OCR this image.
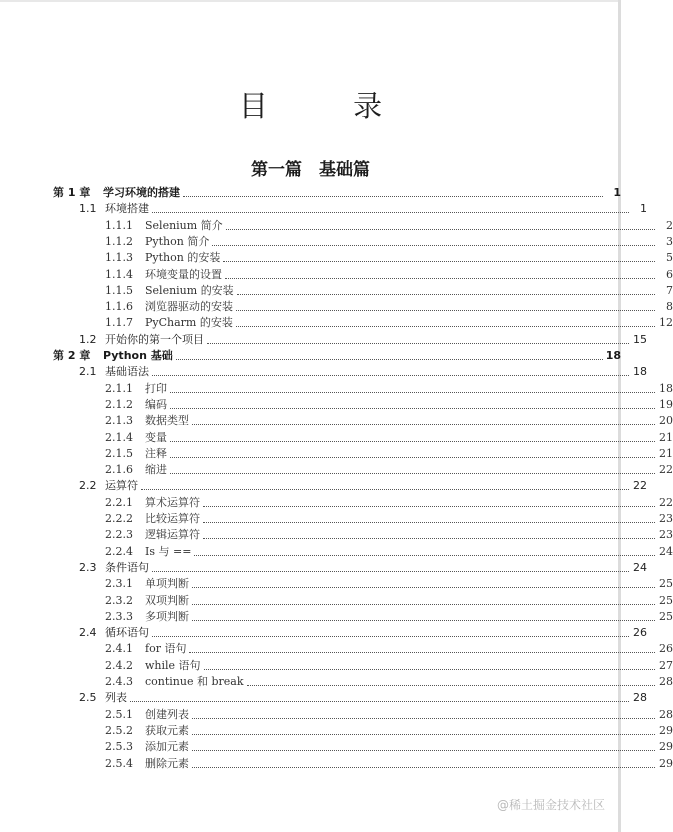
目 录
第一篇　基础篇
第 1 章	学习环境的搭建	1
1.1 环境搭建	1
1.1.1	Selenium 简介	2
1.1.2	Python 简介	3
1.1.3	Python 的安装	5
1.1.4	环境变量的设置	6
1.1.5	Selenium 的安装	7
1.1.6	浏览器驱动的安装	8
1.1.7	PyCharm 的安装	12
1.2 开始你的第一个项目	15
第 2 章	Python 基础	18
2.1 基础语法	18
2.1.1	打印	18
2.1.2	编码	19
2.1.3	数据类型	20
2.1.4	变量	21
2.1.5	注释	21
2.1.6	缩进	22
2.2 运算符	22
2.2.1	算术运算符	22
2.2.2	比较运算符	23
2.2.3	逻辑运算符	23
2.2.4	Is 与 ==	24
2.3 条件语句	24
2.3.1	单项判断	25
2.3.2	双项判断	25
2.3.3	多项判断	25
2.4 循环语句	26
2.4.1	for 语句	26
2.4.2	while 语句	27
2.4.3	continue 和 break	28
2.5 列表	28
2.5.1	创建列表	28
2.5.2	获取元素	29
2.5.3	添加元素	29
2.5.4	删除元素	29
@稀土掘金技术社区
